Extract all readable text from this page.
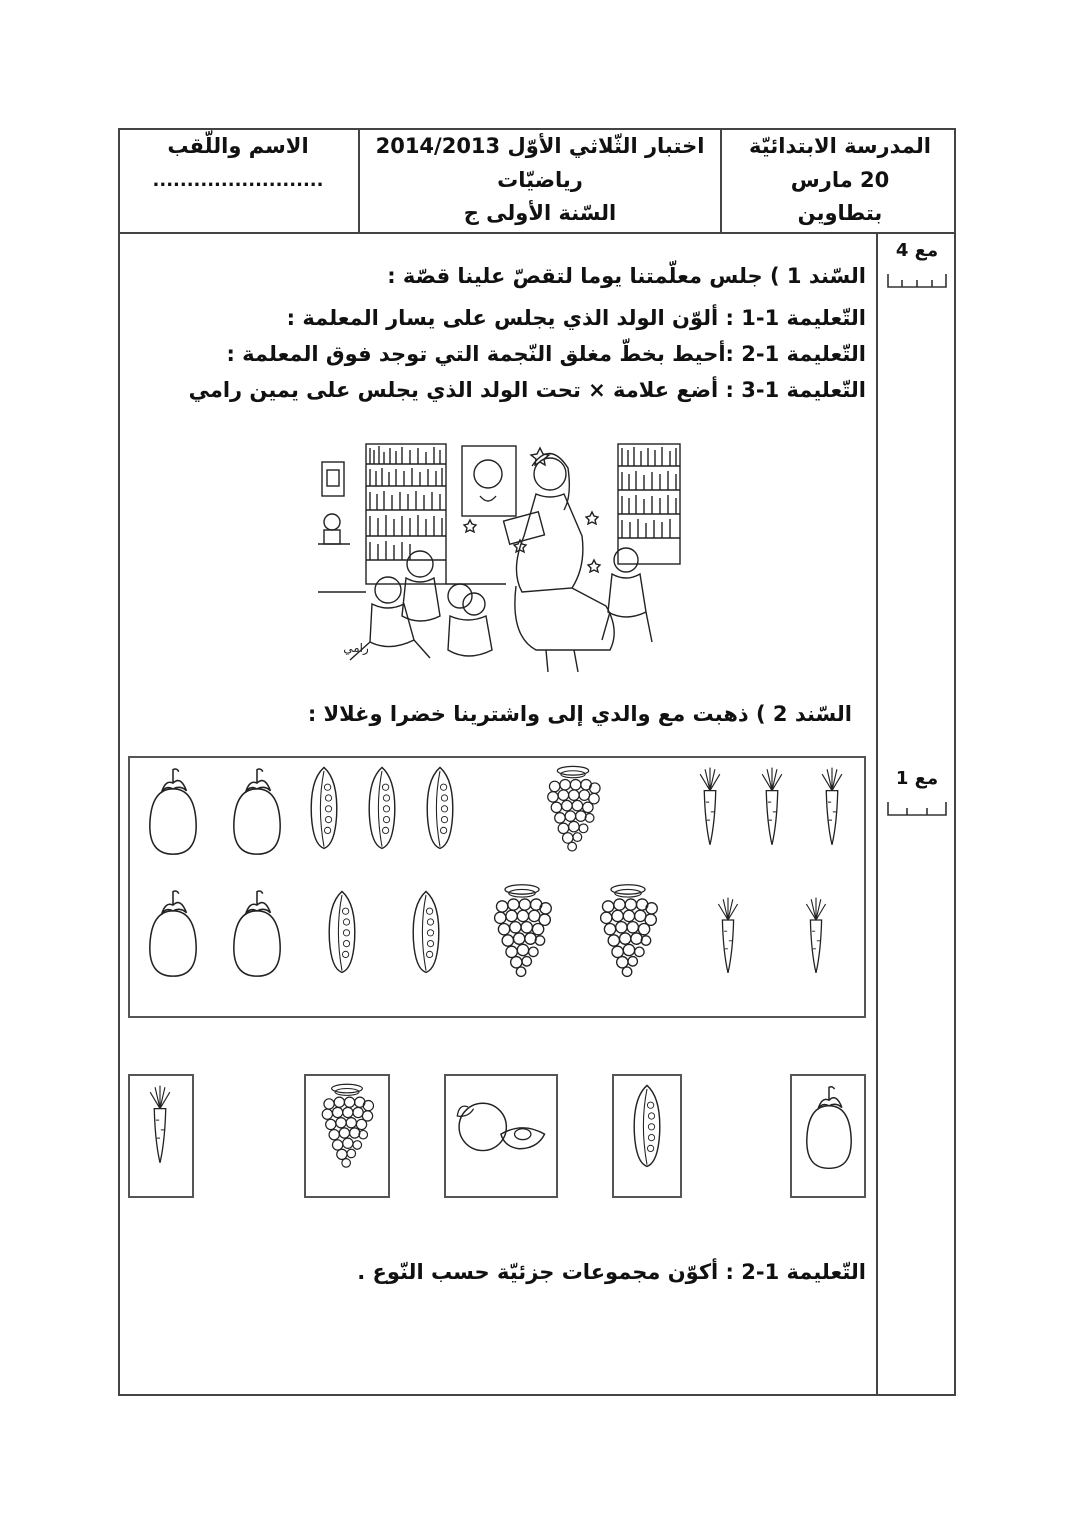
المدرسة الابتدائيّة
20 مارس
بتطاوين
اختبار الثّلاثي الأوّل 2014/2013
رياضيّات
السّنة الأولى ج
الاسم واللّقب
.........................
مع 4
مع 1
السّند 1 ) جلس معلّمتنا يوما لتقصّ علينا قصّة :
التّعليمة 1-1 : ألوّن الولد الذي يجلس على يسار المعلمة :
التّعليمة 1-2 :أحيط بخطّ مغلق النّجمة التي توجد فوق المعلمة :
التّعليمة 1-3 : أضع علامة × تحت الولد الذي يجلس على يمين رامي
رامي
السّند 2 ) ذهبت مع والدي إلى واشترينا خضرا وغلالا :
التّعليمة 1-2 : أكوّن مجموعات جزئيّة حسب النّوع .
